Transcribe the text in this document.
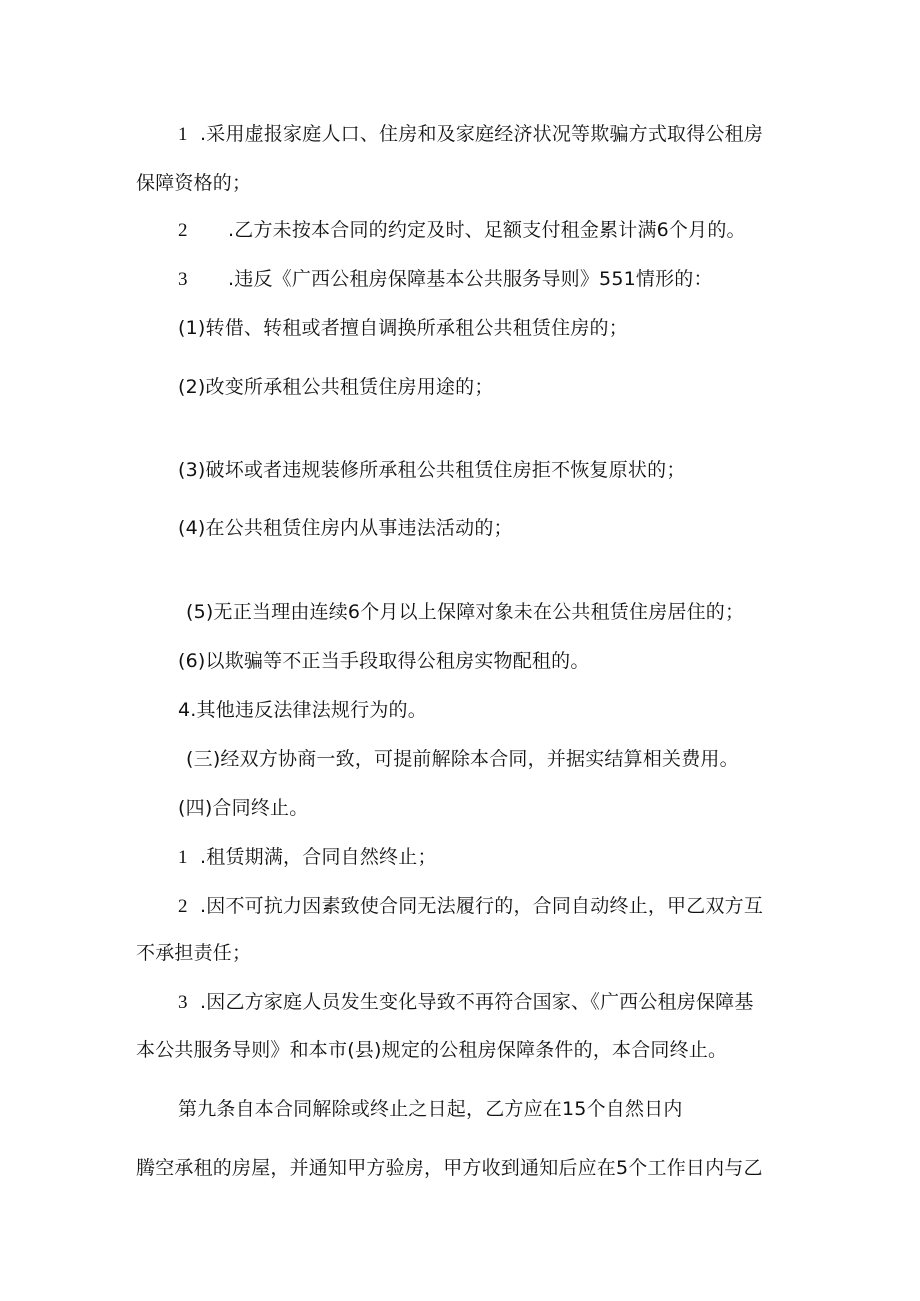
1 .采用虚报家庭人口、住房和及家庭经济状况等欺骗方式取得公租房
保障资格的；
2 .乙方未按本合同的约定及时、足额支付租金累计满6个月的。
3 .违反《广西公租房保障基本公共服务导则》551情形的：
(1)转借、转租或者擅自调换所承租公共租赁住房的；
(2)改变所承租公共租赁住房用途的；
(3)破坏或者违规装修所承租公共租赁住房拒不恢复原状的；
(4)在公共租赁住房内从事违法活动的；
(5)无正当理由连续6个月以上保障对象未在公共租赁住房居住的；
(6)以欺骗等不正当手段取得公租房实物配租的。
4.其他违反法律法规行为的。
(三)经双方协商一致，可提前解除本合同，并据实结算相关费用。
(四)合同终止。
1 .租赁期满，合同自然终止；
2 .因不可抗力因素致使合同无法履行的，合同自动终止，甲乙双方互
不承担责任；
3 .因乙方家庭人员发生变化导致不再符合国家、《广西公租房保障基
本公共服务导则》和本市(县)规定的公租房保障条件的，本合同终止。
第九条自本合同解除或终止之日起，乙方应在15个自然日内
腾空承租的房屋，并通知甲方验房，甲方收到通知后应在5个工作日内与乙
